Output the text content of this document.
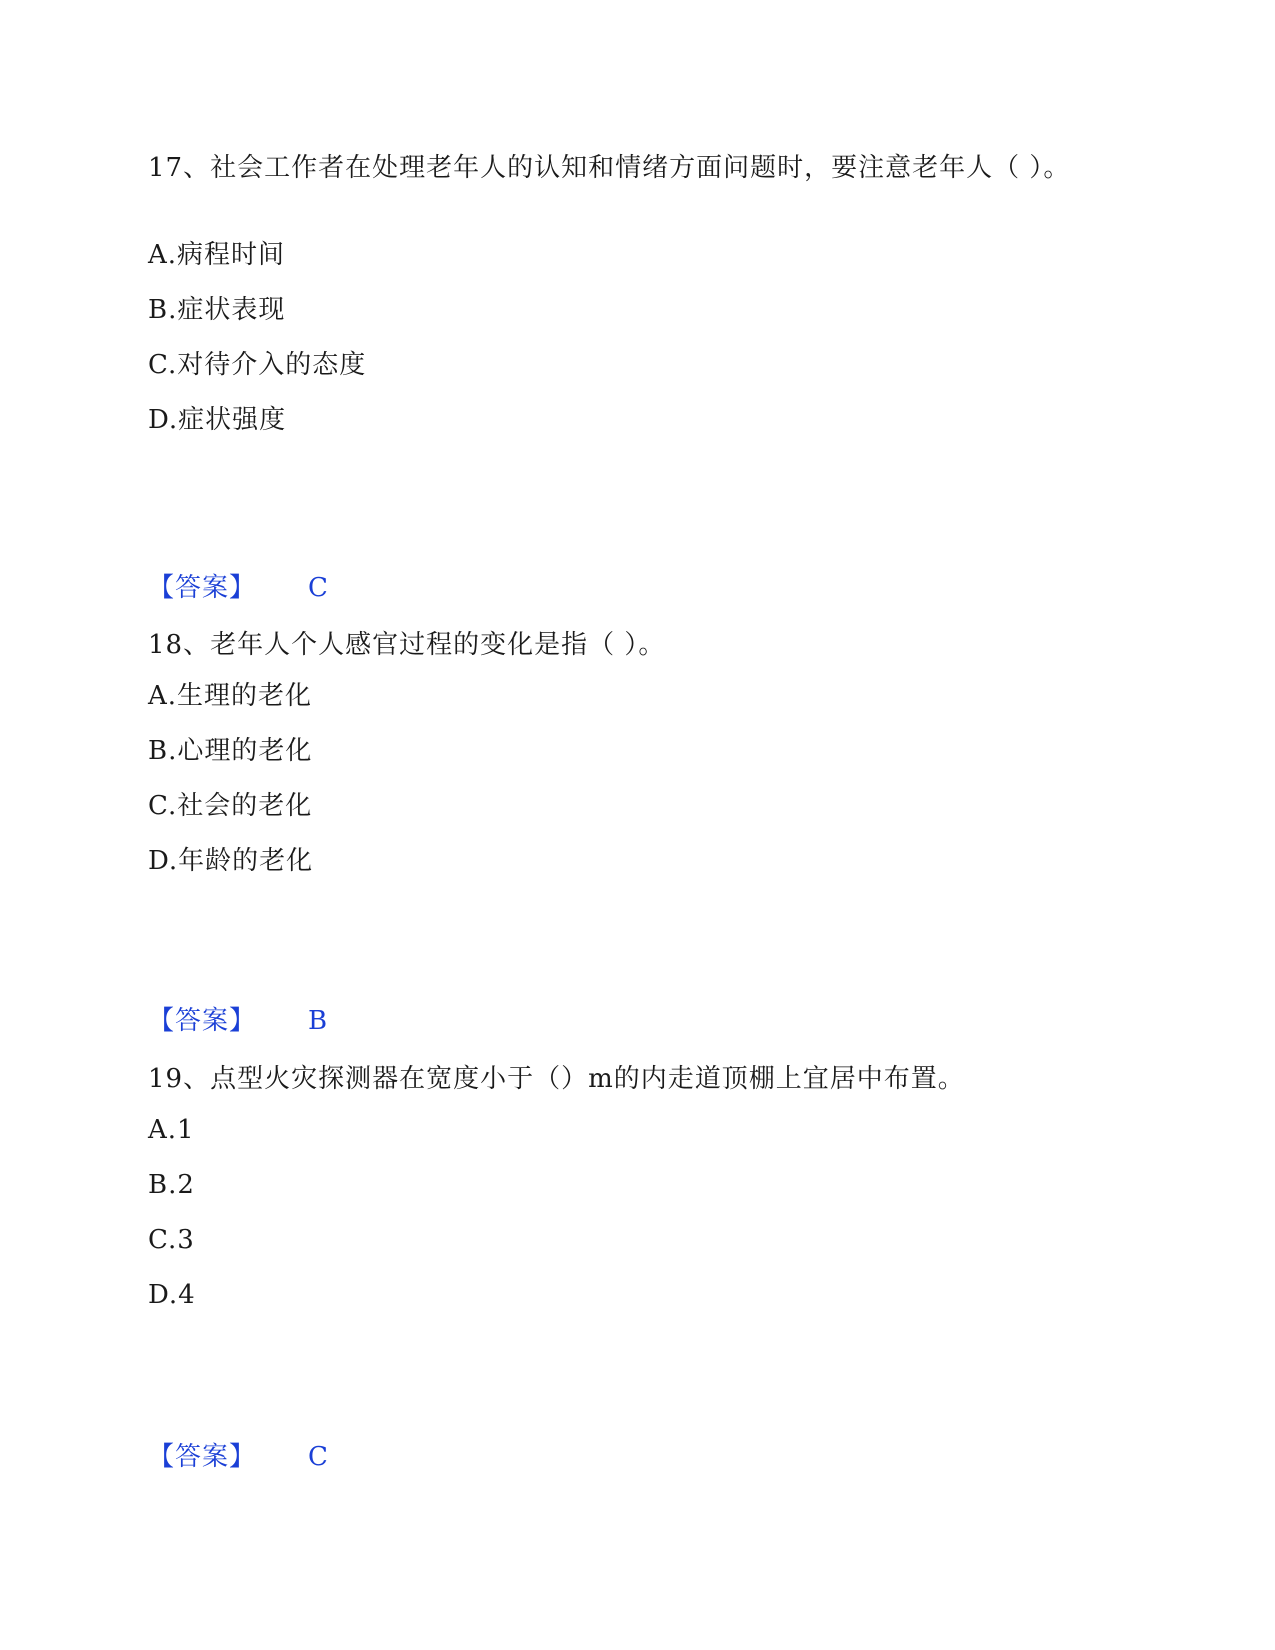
17、社会工作者在处理老年人的认知和情绪方面问题时，要注意老年人（ ）。

A.病程时间

B.症状表现

C.对待介入的态度

D.症状强度

【答案】 C

18、老年人个人感官过程的变化是指（ ）。

A.生理的老化

B.心理的老化

C.社会的老化

D.年龄的老化

【答案】 B

19、点型火灾探测器在宽度小于（）m的内走道顶棚上宜居中布置。

A.1

B.2

C.3

D.4

【答案】 C
